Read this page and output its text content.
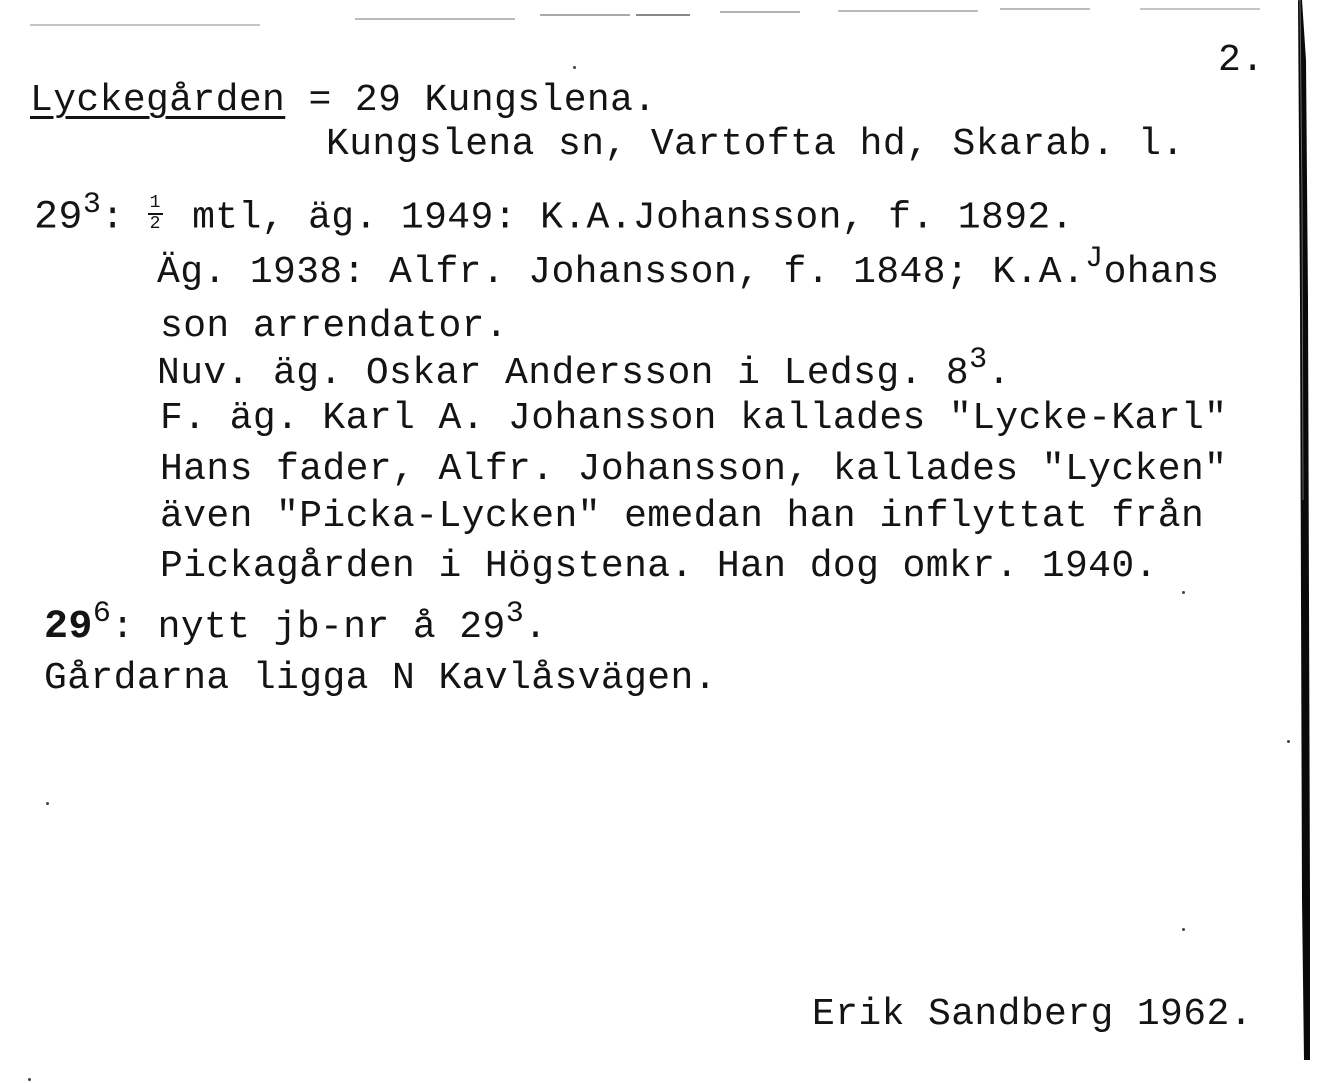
2.
Lyckegården = 29 Kungslena.
Kungslena sn, Vartofta hd, Skarab. l.
$29^3$: $\frac{1}{2}$ mtl, äg. 1949: K.A.Johansson, f. 1892.
Äg. 1938: Alfr. Johansson, f. 1848; K.A.$^J$ohans
son arrendator.
Nuv. äg. Oskar Andersson i Ledsg. $8^3$.
F. äg. Karl A. Johansson kallades "Lycke-Karl"
Hans fader, Alfr. Johansson, kallades "Lycken"
även "Picka-Lycken" emedan han inflyttat från
Pickagården i Högstena. Han dog omkr. 1940.
$29^6$: nytt jb-nr å $29^3$.
Gårdarna ligga N Kavlåsvägen.
Erik Sandberg 1962.
